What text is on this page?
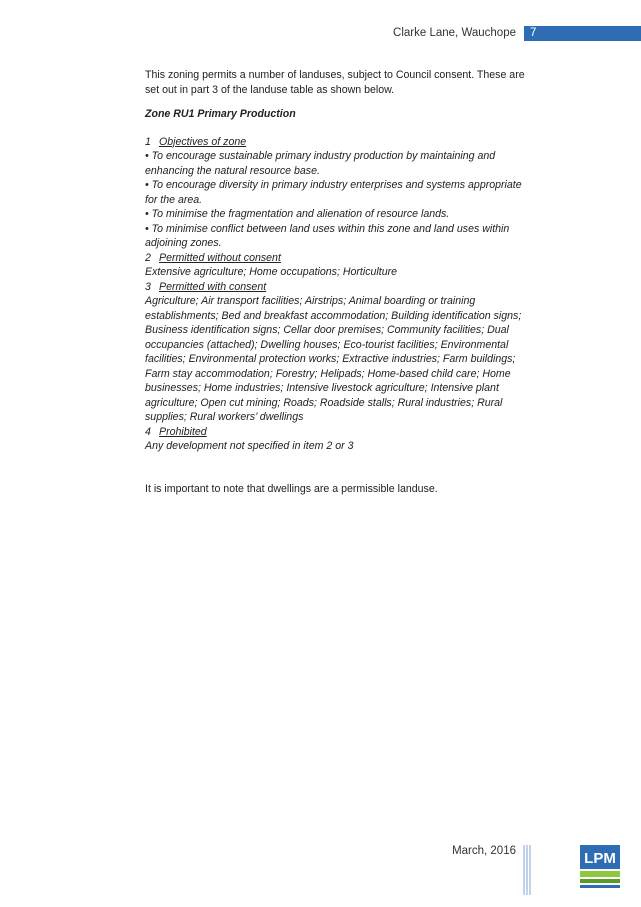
Clarke Lane, Wauchope 7

This zoning permits a number of landuses, subject to Council consent. These are set out in part 3 of the landuse table as shown below.

Zone RU1 Primary Production

1 Objectives of zone

• To encourage sustainable primary industry production by maintaining and enhancing the natural resource base.

• To encourage diversity in primary industry enterprises and systems appropriate for the area.

• To minimise the fragmentation and alienation of resource lands.

• To minimise conflict between land uses within this zone and land uses within adjoining zones.

2 Permitted without consent

Extensive agriculture; Home occupations; Horticulture

3 Permitted with consent

Agriculture; Air transport facilities; Airstrips; Animal boarding or training establishments; Bed and breakfast accommodation; Building identification signs; Business identification signs; Cellar door premises; Community facilities; Dual occupancies (attached); Dwelling houses; Eco-tourist facilities; Environmental facilities; Environmental protection works; Extractive industries; Farm buildings; Farm stay accommodation; Forestry; Helipads; Home-based child care; Home businesses; Home industries; Intensive livestock agriculture; Intensive plant agriculture; Open cut mining; Roads; Roadside stalls; Rural industries; Rural supplies; Rural workers’ dwellings

4 Prohibited

Any development not specified in item 2 or 3

It is important to note that dwellings are a permissible landuse.

March, 2016	LPM
